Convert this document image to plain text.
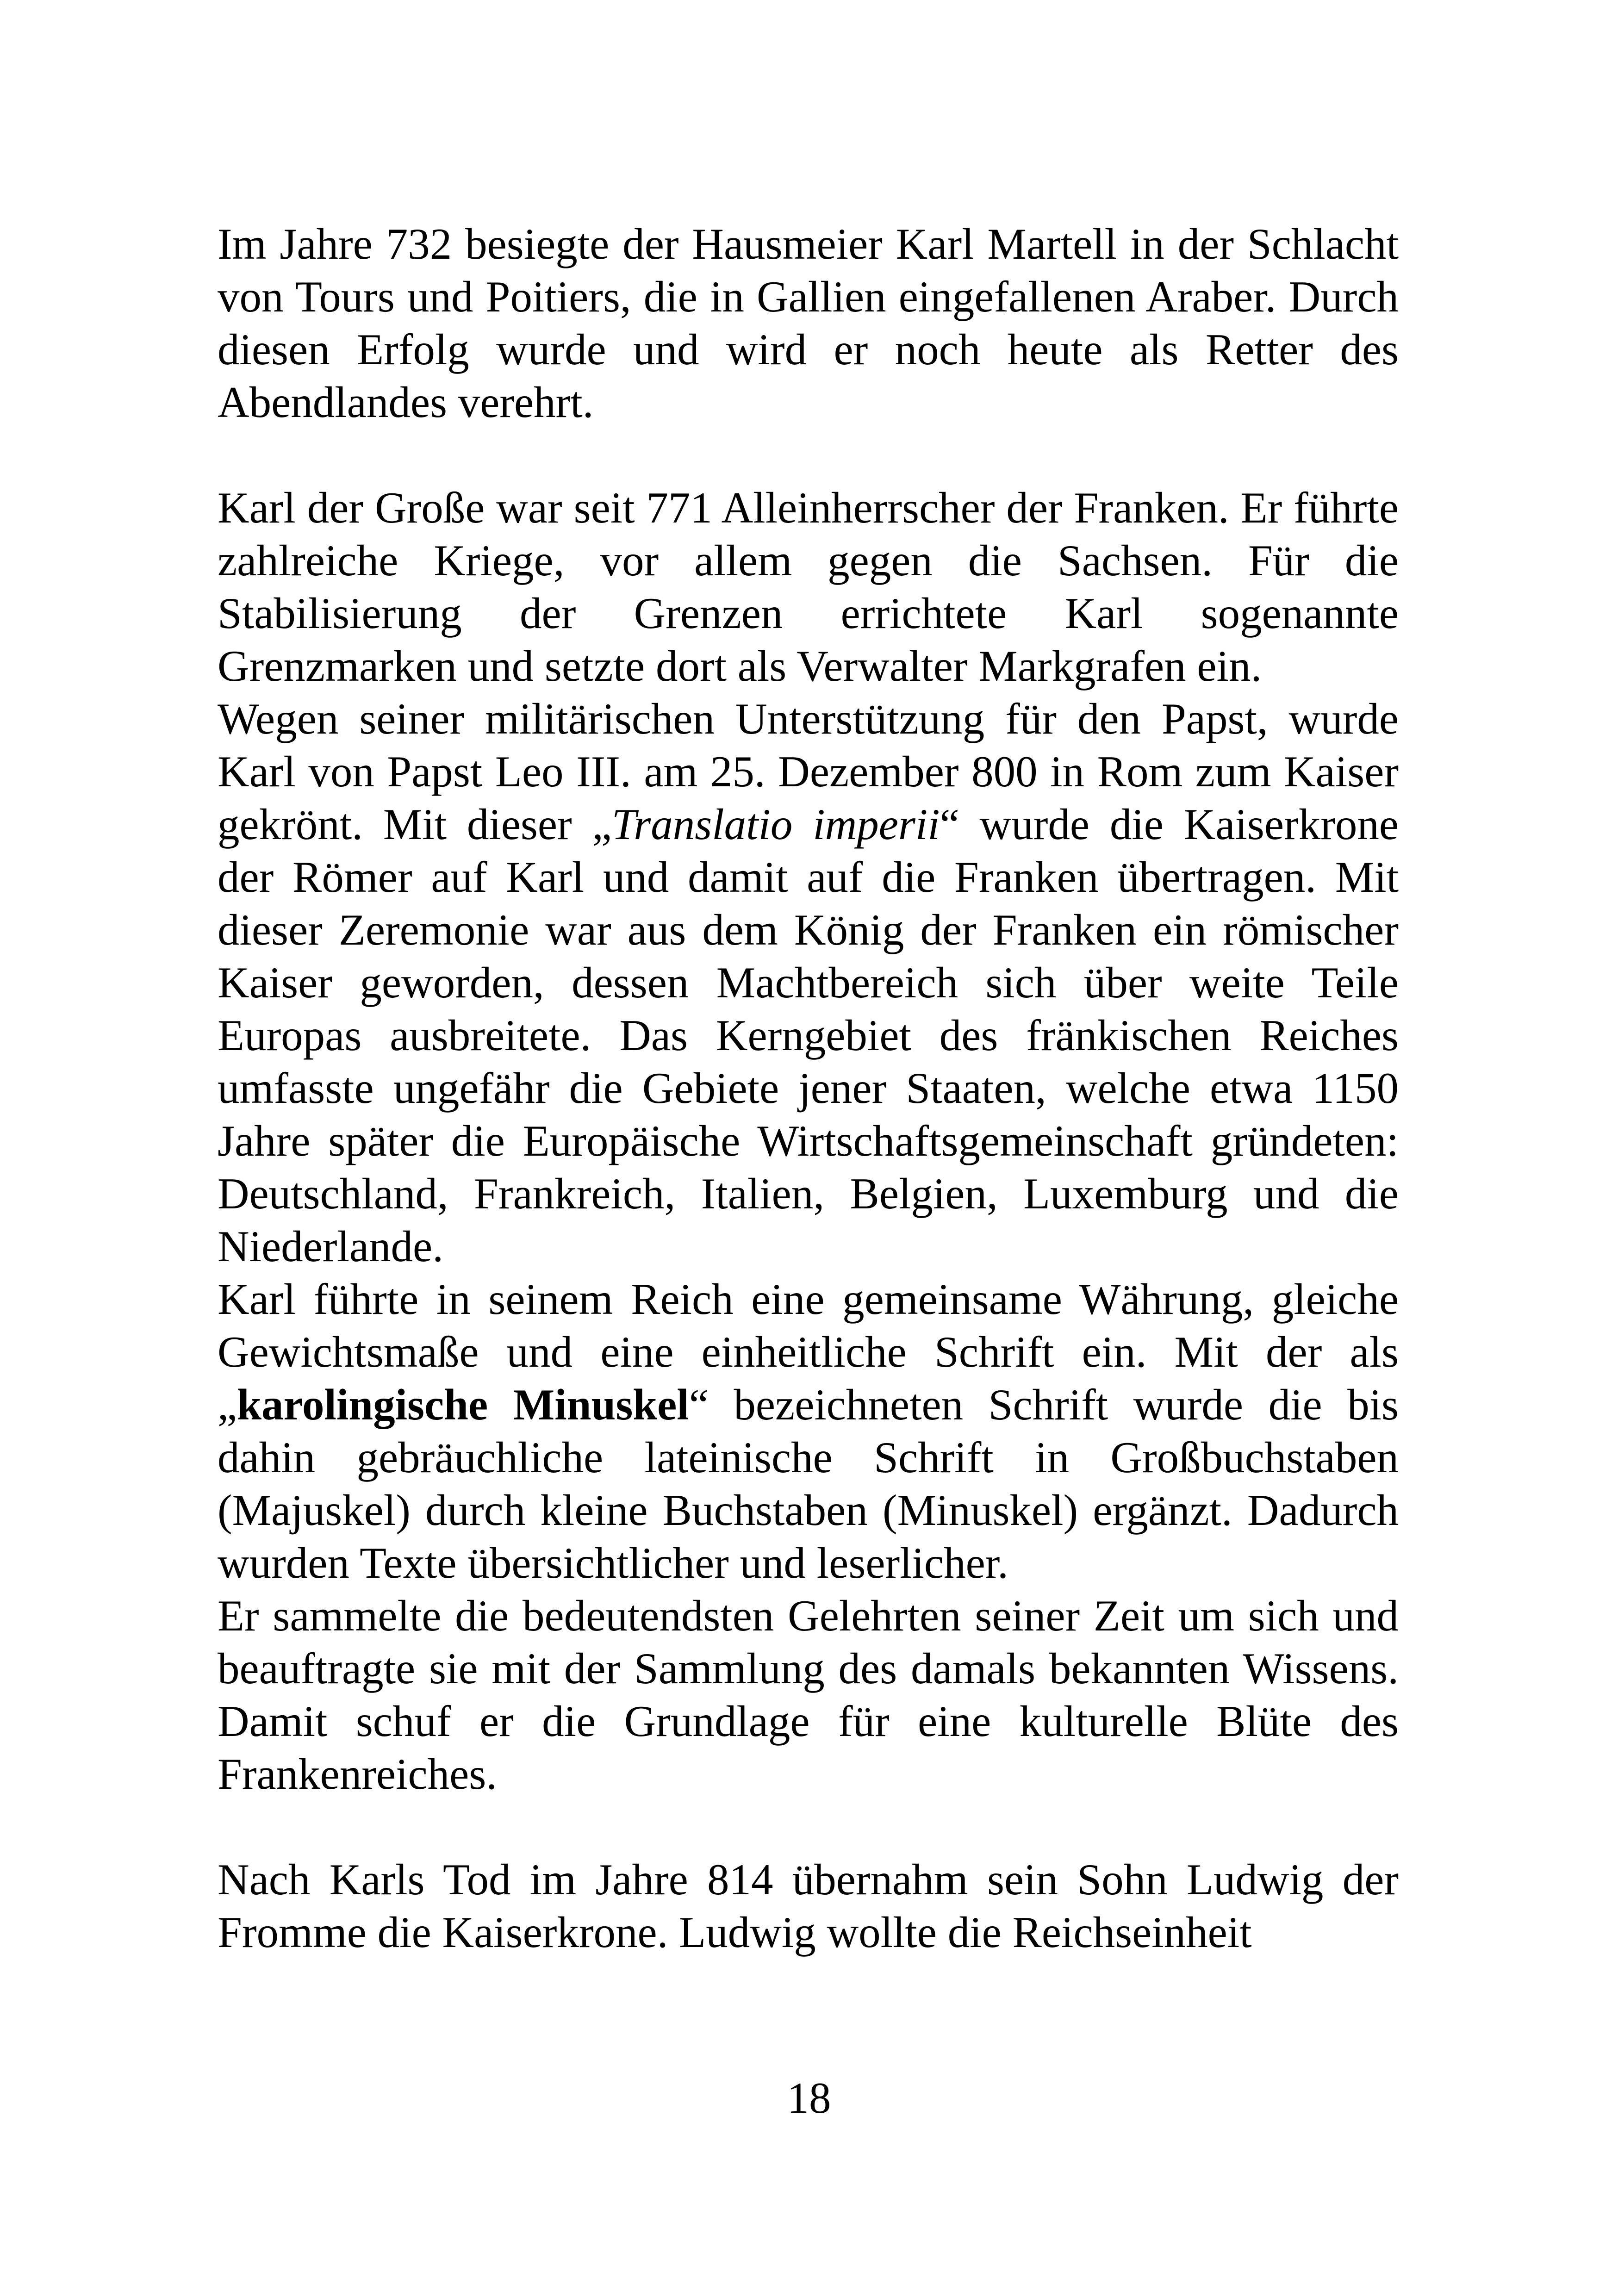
Im Jahre 732 besiegte der Hausmeier Karl Martell in der Schlacht von Tours und Poitiers, die in Gallien eingefallenen Araber. Durch diesen Erfolg wurde und wird er noch heute als Retter des Abendlandes verehrt.

Karl der Große war seit 771 Alleinherrscher der Franken. Er führte zahlreiche Kriege, vor allem gegen die Sachsen. Für die Stabilisierung der Grenzen errichtete Karl sogenannte Grenzmarken und setzte dort als Verwalter Markgrafen ein.

Wegen seiner militärischen Unterstützung für den Papst, wurde Karl von Papst Leo III. am 25. Dezember 800 in Rom zum Kaiser gekrönt. Mit dieser „Translatio imperii“ wurde die Kaiserkrone der Römer auf Karl und damit auf die Franken übertragen. Mit dieser Zeremonie war aus dem König der Franken ein römischer Kaiser geworden, dessen Machtbereich sich über weite Teile Europas ausbreitete. Das Kerngebiet des fränkischen Reiches umfasste ungefähr die Gebiete jener Staaten, welche etwa 1150 Jahre später die Europäische Wirtschaftsgemeinschaft gründeten: Deutschland, Frankreich, Italien, Belgien, Luxemburg und die Niederlande.

Karl führte in seinem Reich eine gemeinsame Währung, gleiche Gewichtsmaße und eine einheitliche Schrift ein. Mit der als „karolingische Minuskel“ bezeichneten Schrift wurde die bis dahin gebräuchliche lateinische Schrift in Großbuchstaben (Majuskel) durch kleine Buchstaben (Minuskel) ergänzt. Dadurch wurden Texte übersichtlicher und leserlicher.

Er sammelte die bedeutendsten Gelehrten seiner Zeit um sich und beauftragte sie mit der Sammlung des damals bekannten Wissens. Damit schuf er die Grundlage für eine kulturelle Blüte des Frankenreiches.

Nach Karls Tod im Jahre 814 übernahm sein Sohn Ludwig der Fromme die Kaiserkrone. Ludwig wollte die Reichseinheit

18
